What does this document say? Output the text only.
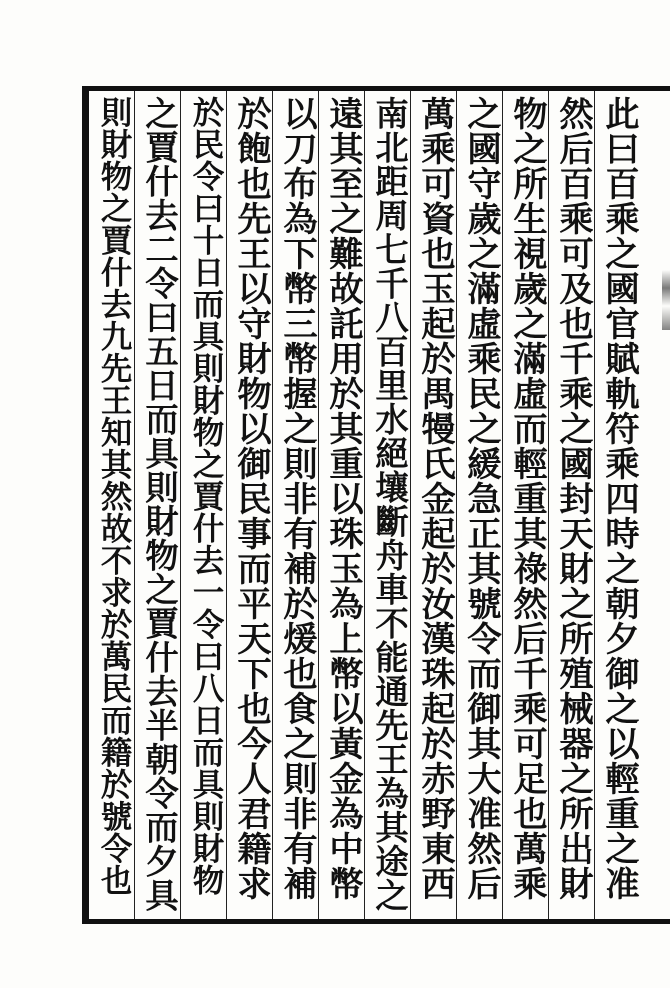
此曰百乘之國官賦軌符乘四時之朝夕御之以輕重之准
然后百乘可及也千乘之國封天財之所殖械器之所出財
物之所生視歲之滿虛而輕重其祿然后千乘可足也萬乘
之國守歲之滿虛乘民之緩急正其號令而御其大准然后
萬乘可資也玉起於禺𤛔氏金起於汝漢珠起於赤野東西
南北距周七千八百里水絕壤斷舟車不能通先王為其途之
遠其至之難故託用於其重以珠玉為上幣以黃金為中幣
以刀布為下幣三幣握之則非有補於煖也食之則非有補
於飽也先王以守財物以御民事而平天下也今人君籍求
於民令曰十日而具則財物之賈什去一令曰八日而具則財物
之賈什去二令曰五日而具則財物之賈什去半朝令而夕具
則財物之賈什去九先王知其然故不求於萬民而籍於號令也
